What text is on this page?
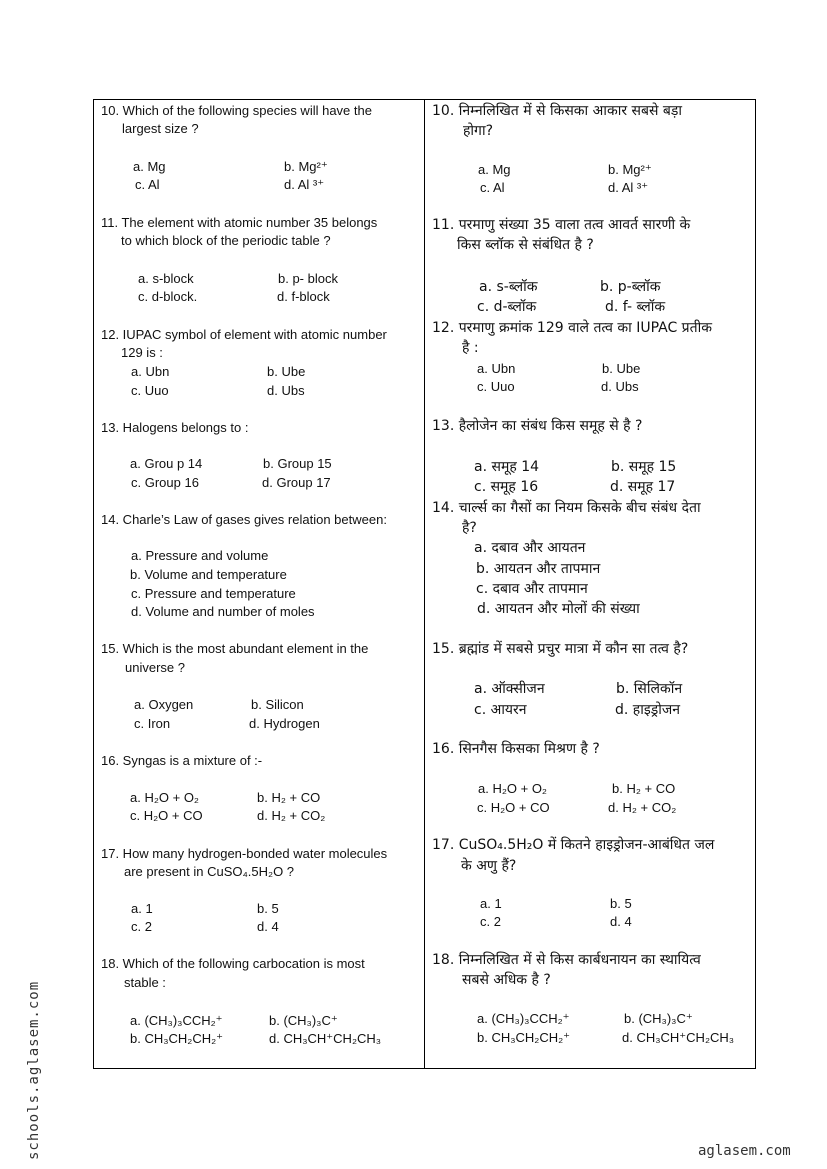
10. Which of the following species will have the
largest size ?
a. Mg	b. Mg²⁺
c. Al	d. Al ³⁺
11. The element with atomic number 35 belongs
to which block of the periodic table ?
a. s-block	b. p- block
c. d-block.	d. f-block
12. IUPAC symbol of element with atomic number
129 is :
a. Ubn	b. Ube
c. Uuo	d. Ubs
13. Halogens belongs to :
a. Grou p 14	b. Group 15
c. Group 16	d. Group 17
14. Charle’s Law of gases gives relation between:
a. Pressure and volume
b. Volume and temperature
c. Pressure and temperature
d. Volume and number of moles
15. Which is the most abundant element in the
universe ?
a. Oxygen	b. Silicon
c. Iron	d. Hydrogen
16. Syngas is a mixture of :-
a. H₂O + O₂	b. H₂ + CO
c. H₂O + CO	d. H₂ + CO₂
17. How many hydrogen-bonded water molecules
are present in CuSO₄.5H₂O ?
a. 1	b. 5
c. 2	d. 4
18. Which of the following carbocation is most
stable :
a. (CH₃)₃CCH₂⁺	b. (CH₃)₃C⁺
b. CH₃CH₂CH₂⁺	d. CH₃CH⁺CH₂CH₃
10. निम्नलिखित में से किसका आकार सबसे बड़ा
होगा?
a. Mg	b. Mg²⁺
c. Al	d. Al ³⁺
11. परमाणु संख्या 35 वाला तत्व आवर्त सारणी के
किस ब्लॉक से संबंधित है ?
a. s-ब्लॉक	b. p-ब्लॉक
c. d-ब्लॉक	d. f- ब्लॉक
12. परमाणु क्रमांक 129 वाले तत्व का IUPAC प्रतीक
है :
a. Ubn	b. Ube
c. Uuo	d. Ubs
13. हैलोजेन का संबंध किस समूह से है ?
a. समूह 14	b. समूह 15
c. समूह 16	d. समूह 17
14. चार्ल्स का गैसों का नियम किसके बीच संबंध देता
है?
a. दबाव और आयतन
b. आयतन और तापमान
c. दबाव और तापमान
d. आयतन और मोलों की संख्या
15. ब्रह्मांड में सबसे प्रचुर मात्रा में कौन सा तत्व है?
a. ऑक्सीजन	b. सिलिकॉन
c. आयरन	d. हाइड्रोजन
16. सिनगैस किसका मिश्रण है ?
a. H₂O + O₂	b. H₂ + CO
c. H₂O + CO	d. H₂ + CO₂
17. CuSO₄.5H₂O में कितने हाइड्रोजन-आबंधित जल
के अणु हैं?
a. 1	b. 5
c. 2	d. 4
18. निम्नलिखित में से किस कार्बधनायन का स्थायित्व
सबसे अधिक है ?
a. (CH₃)₃CCH₂⁺	b. (CH₃)₃C⁺
b. CH₃CH₂CH₂⁺	d. CH₃CH⁺CH₂CH₃
schools.aglasem.com	aglasem.com
